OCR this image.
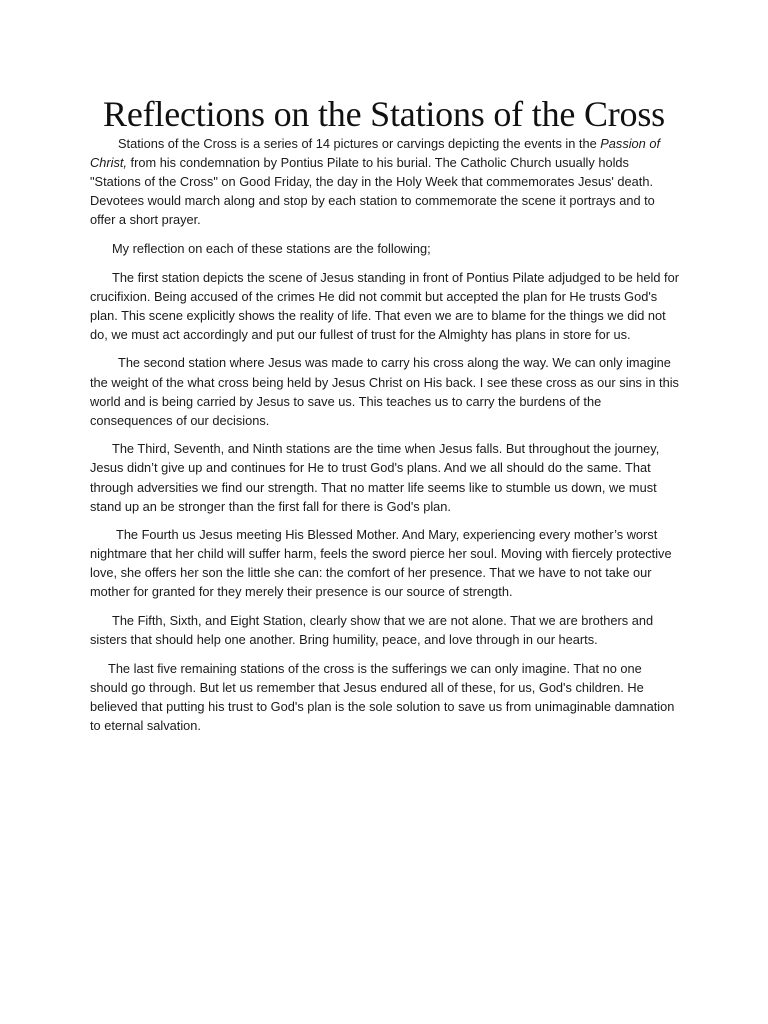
Reflections on the Stations of the Cross

Stations of the Cross is a series of 14 pictures or carvings depicting the events in the Passion of Christ, from his condemnation by Pontius Pilate to his burial. The Catholic Church usually holds "Stations of the Cross" on Good Friday, the day in the Holy Week that commemorates Jesus' death. Devotees would march along and stop by each station to commemorate the scene it portrays and to offer a short prayer.

My reflection on each of these stations are the following;

The first station depicts the scene of Jesus standing in front of Pontius Pilate adjudged to be held for crucifixion. Being accused of the crimes He did not commit but accepted the plan for He trusts God's plan. This scene explicitly shows the reality of life. That even we are to blame for the things we did not do, we must act accordingly and put our fullest of trust for the Almighty has plans in store for us.

The second station where Jesus was made to carry his cross along the way. We can only imagine the weight of the what cross being held by Jesus Christ on His back. I see these cross as our sins in this world and is being carried by Jesus to save us. This teaches us to carry the burdens of the consequences of our decisions.

The Third, Seventh, and Ninth stations are the time when Jesus falls. But throughout the journey, Jesus didn’t give up and continues for He to trust God's plans. And we all should do the same. That through adversities we find our strength. That no matter life seems like to stumble us down, we must stand up an be stronger than the first fall for there is God's plan.

The Fourth us Jesus meeting His Blessed Mother. And Mary, experiencing every mother’s worst nightmare that her child will suffer harm, feels the sword pierce her soul. Moving with fiercely protective love, she offers her son the little she can: the comfort of her presence. That we have to not take our mother for granted for they merely their presence is our source of strength.

The Fifth, Sixth, and Eight Station, clearly show that we are not alone. That we are brothers and sisters that should help one another. Bring humility, peace, and love through in our hearts.

The last five remaining stations of the cross is the sufferings we can only imagine. That no one should go through. But let us remember that Jesus endured all of these, for us, God's children. He believed that putting his trust to God's plan is the sole solution to save us from unimaginable damnation to eternal salvation.
